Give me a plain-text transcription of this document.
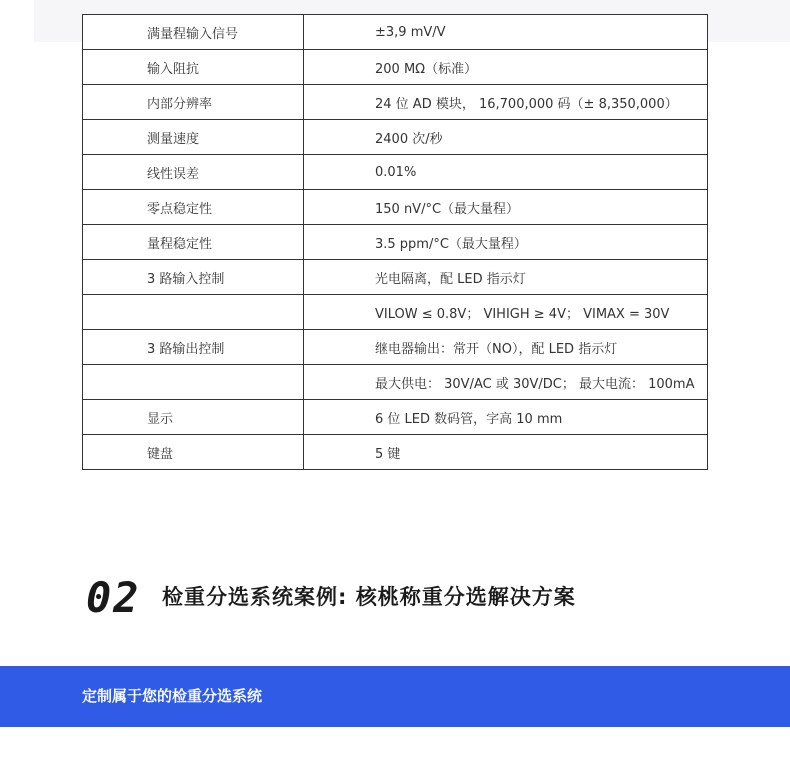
满量程输入信号	±3,9 mV/V
输入阻抗	200 MΩ（标准）
内部分辨率	24 位 AD 模块， 16,700,000 码（± 8,350,000）
测量速度	2400 次/秒
线性误差	0.01%
零点稳定性	150 nV/°C（最大量程）
量程稳定性	3.5 ppm/°C（最大量程）
3 路输入控制	光电隔离，配 LED 指示灯
	VILOW ≤ 0.8V； VIHIGH ≥ 4V； VIMAX = 30V
3 路输出控制	继电器输出：常开（NO），配 LED 指示灯
	最大供电： 30V/AC 或 30V/DC； 最大电流： 100mA
显示	6 位 LED 数码管，字高 10 mm
键盘	5 键
02 检重分选系统案例: 核桃称重分选解决方案
定制属于您的检重分选系统
